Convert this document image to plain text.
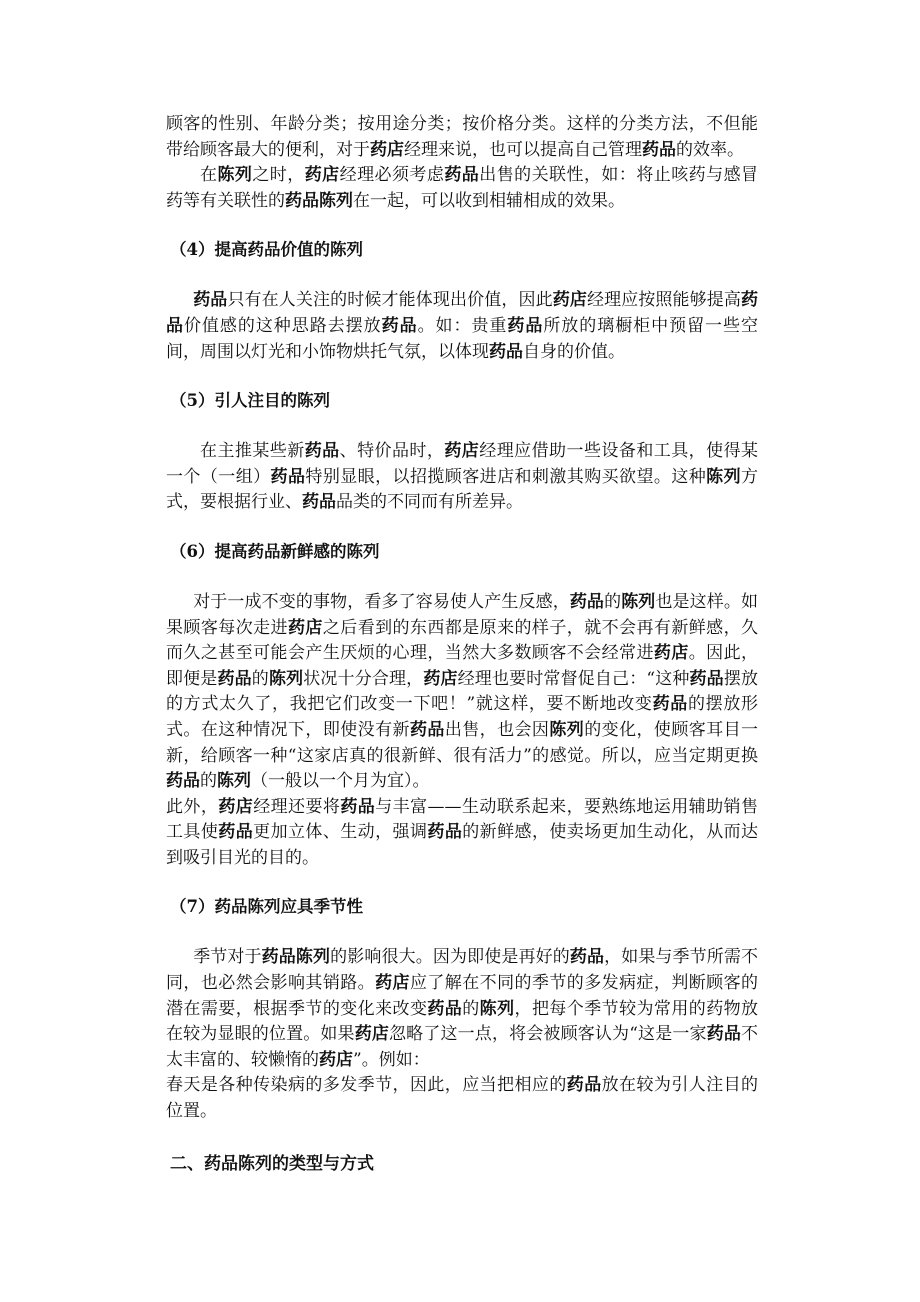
顾客的性别、年龄分类；按用途分类；按价格分类。这样的分类方法，不但能带给顾客最大的便利，对于药店经理来说，也可以提高自己管理药品的效率。

在陈列之时，药店经理必须考虑药品出售的关联性，如：将止咳药与感冒药等有关联性的药品陈列在一起，可以收到相辅相成的效果。

（4）提高药品价值的陈列

药品只有在人关注的时候才能体现出价值，因此药店经理应按照能够提高药品价值感的这种思路去摆放药品。如：贵重药品所放的璃橱柜中预留一些空间，周围以灯光和小饰物烘托气氛，以体现药品自身的价值。

（5）引人注目的陈列

在主推某些新药品、特价品时，药店经理应借助一些设备和工具，使得某一个（一组）药品特别显眼，以招揽顾客进店和刺激其购买欲望。这种陈列方式，要根据行业、药品品类的不同而有所差异。

（6）提高药品新鲜感的陈列

对于一成不变的事物，看多了容易使人产生反感，药品的陈列也是这样。如果顾客每次走进药店之后看到的东西都是原来的样子，就不会再有新鲜感，久而久之甚至可能会产生厌烦的心理，当然大多数顾客不会经常进药店。因此，即便是药品的陈列状况十分合理，药店经理也要时常督促自己：“这种药品摆放的方式太久了，我把它们改变一下吧！”就这样，要不断地改变药品的摆放形式。在这种情况下，即使没有新药品出售，也会因陈列的变化，使顾客耳目一新，给顾客一种“这家店真的很新鲜、很有活力”的感觉。所以，应当定期更换药品的陈列（一般以一个月为宜）。

此外，药店经理还要将药品与丰富——生动联系起来，要熟练地运用辅助销售工具使药品更加立体、生动，强调药品的新鲜感，使卖场更加生动化，从而达到吸引目光的目的。

（7）药品陈列应具季节性

季节对于药品陈列的影响很大。因为即使是再好的药品，如果与季节所需不同，也必然会影响其销路。药店应了解在不同的季节的多发病症，判断顾客的潜在需要，根据季节的变化来改变药品的陈列，把每个季节较为常用的药物放在较为显眼的位置。如果药店忽略了这一点，将会被顾客认为“这是一家药品不太丰富的、较懒惰的药店”。例如：

春天是各种传染病的多发季节，因此，应当把相应的药品放在较为引人注目的位置。

二、药品陈列的类型与方式
